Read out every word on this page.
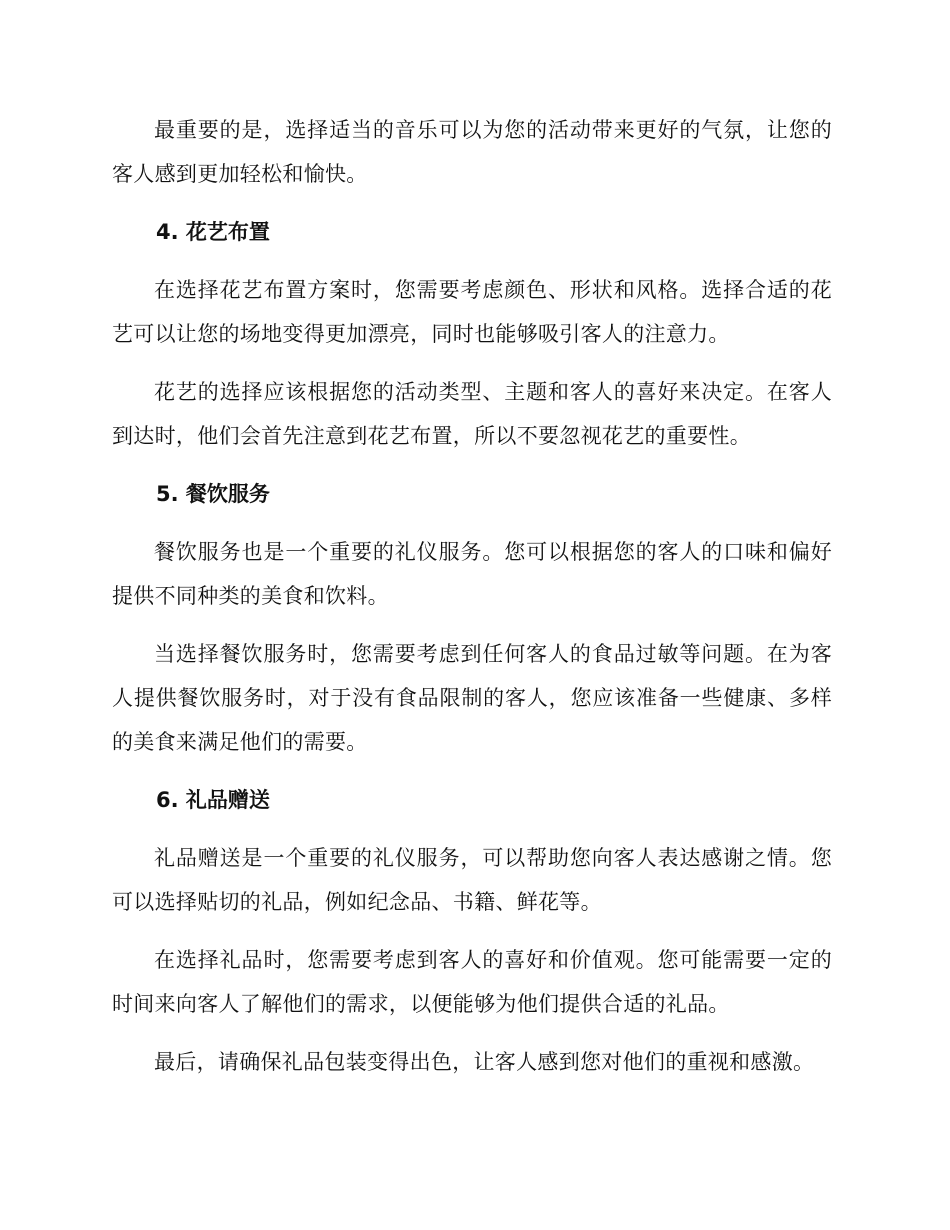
最重要的是，选择适当的音乐可以为您的活动带来更好的气氛，让您的客人感到更加轻松和愉快。

4. 花艺布置

在选择花艺布置方案时，您需要考虑颜色、形状和风格。选择合适的花艺可以让您的场地变得更加漂亮，同时也能够吸引客人的注意力。

花艺的选择应该根据您的活动类型、主题和客人的喜好来决定。在客人到达时，他们会首先注意到花艺布置，所以不要忽视花艺的重要性。

5. 餐饮服务

餐饮服务也是一个重要的礼仪服务。您可以根据您的客人的口味和偏好提供不同种类的美食和饮料。

当选择餐饮服务时，您需要考虑到任何客人的食品过敏等问题。在为客人提供餐饮服务时，对于没有食品限制的客人，您应该准备一些健康、多样的美食来满足他们的需要。

6. 礼品赠送

礼品赠送是一个重要的礼仪服务，可以帮助您向客人表达感谢之情。您可以选择贴切的礼品，例如纪念品、书籍、鲜花等。

在选择礼品时，您需要考虑到客人的喜好和价值观。您可能需要一定的时间来向客人了解他们的需求，以便能够为他们提供合适的礼品。

最后，请确保礼品包装变得出色，让客人感到您对他们的重视和感激。
